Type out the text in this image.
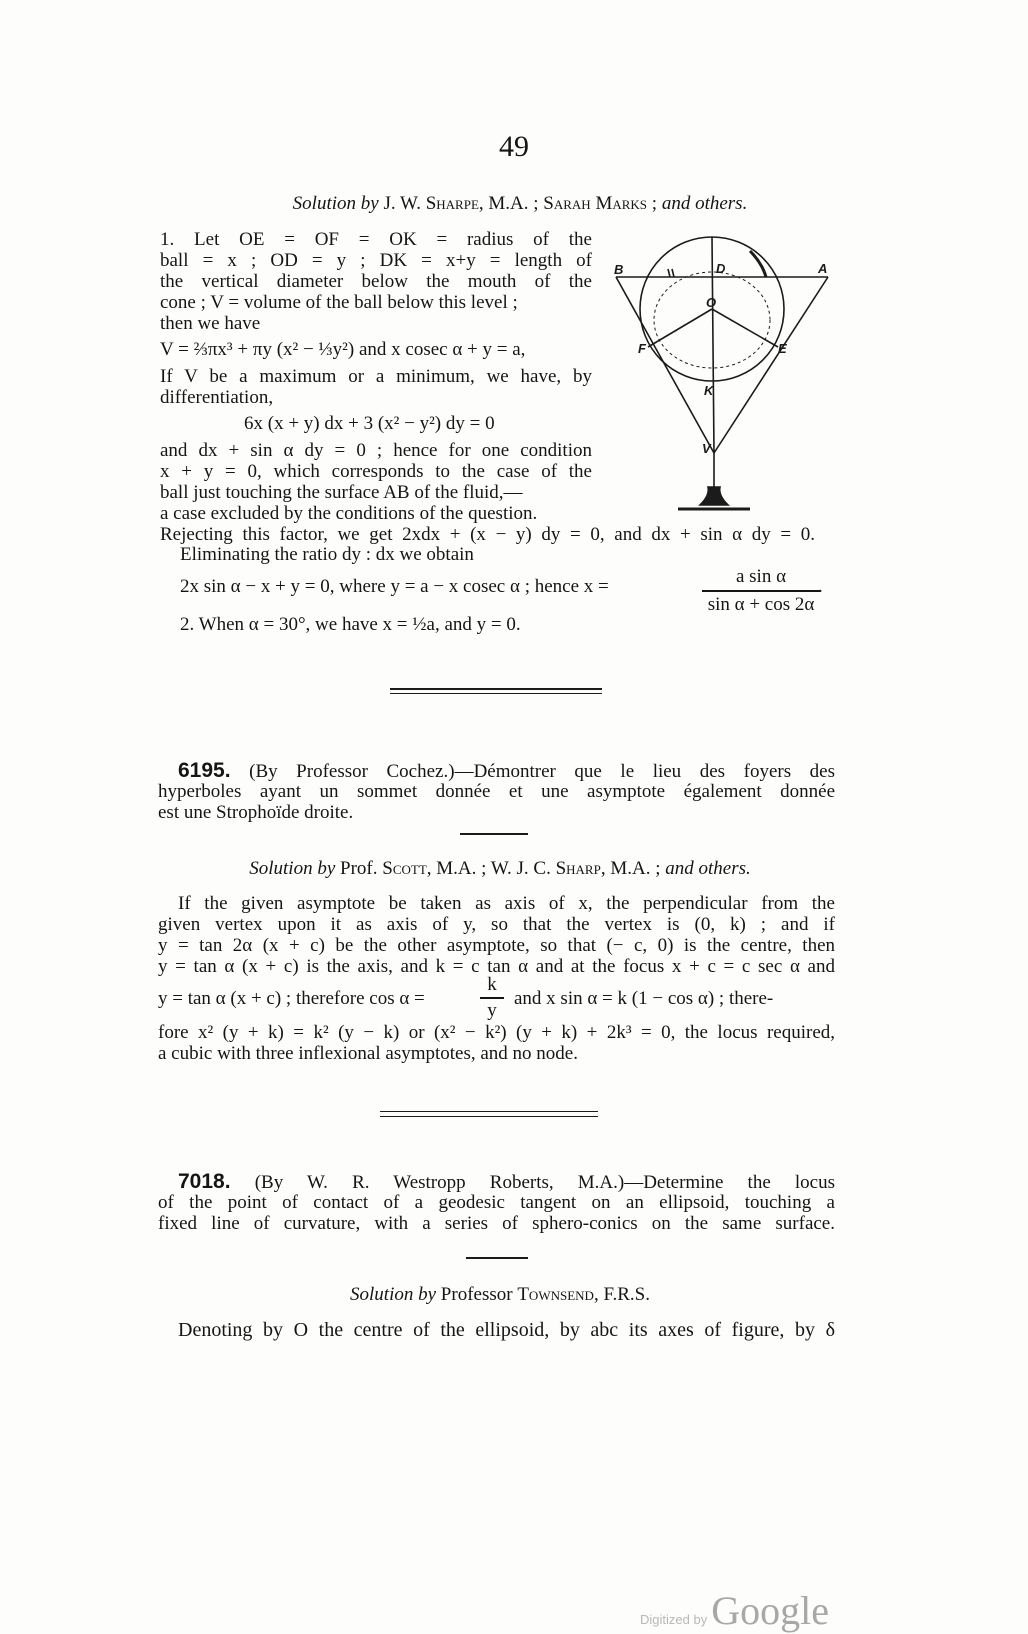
49
Solution by J. W. Sharpe, M.A. ; Sarah Marks ; and others.
1. Let OE = OF = OK = radius of the
ball = x ; OD = y ; DK = x+y = length of
the vertical diameter below the mouth of the
cone ; V = volume of the ball below this level ;
then we have
V = ⅔πx³ + πy (x² − ⅓y²) and x cosec α + y = a,
If V be a maximum or a minimum, we have, by
differentiation,
6x (x + y) dx + 3 (x² − y²) dy = 0
and dx + sin α dy = 0 ; hence for one condition
x + y = 0, which corresponds to the case of the
ball just touching the surface AB of the fluid,—
a case excluded by the conditions of the question.
Rejecting this factor, we get 2xdx + (x − y) dy = 0, and dx + sin α dy = 0.
Eliminating the ratio dy : dx we obtain
2x sin α − x + y = 0, where y = a − x cosec α ; hence x =	a sin α
sin α + cos 2α
.
2. When α = 30°, we have x = ½a, and y = 0.
B	A
D
O
F	E
K
V
6195. (By Professor Cochez.)—Démontrer que le lieu des foyers des
hyperboles ayant un sommet donnée et une asymptote également donnée
est une Strophoïde droite.
Solution by Prof. Scott, M.A. ; W. J. C. Sharp, M.A. ; and others.
If the given asymptote be taken as axis of x, the perpendicular from the
given vertex upon it as axis of y, so that the vertex is (0, k) ; and if
y = tan 2α (x + c) be the other asymptote, so that (− c, 0) is the centre, then
y = tan α (x + c) is the axis, and k = c tan α and at the focus x + c = c sec α and
y = tan α (x + c) ; therefore cos α =
k
y
and x sin α = k (1 − cos α) ; there-
fore x² (y + k) = k² (y − k) or (x² − k²) (y + k) + 2k³ = 0, the locus required,
a cubic with three inflexional asymptotes, and no node.
7018. (By W. R. Westropp Roberts, M.A.)—Determine the locus
of the point of contact of a geodesic tangent on an ellipsoid, touching a
fixed line of curvature, with a series of sphero-conics on the same surface.
Solution by Professor Townsend, F.R.S.
Denoting by O the centre of the ellipsoid, by abc its axes of figure, by δ
Digitized by Google
